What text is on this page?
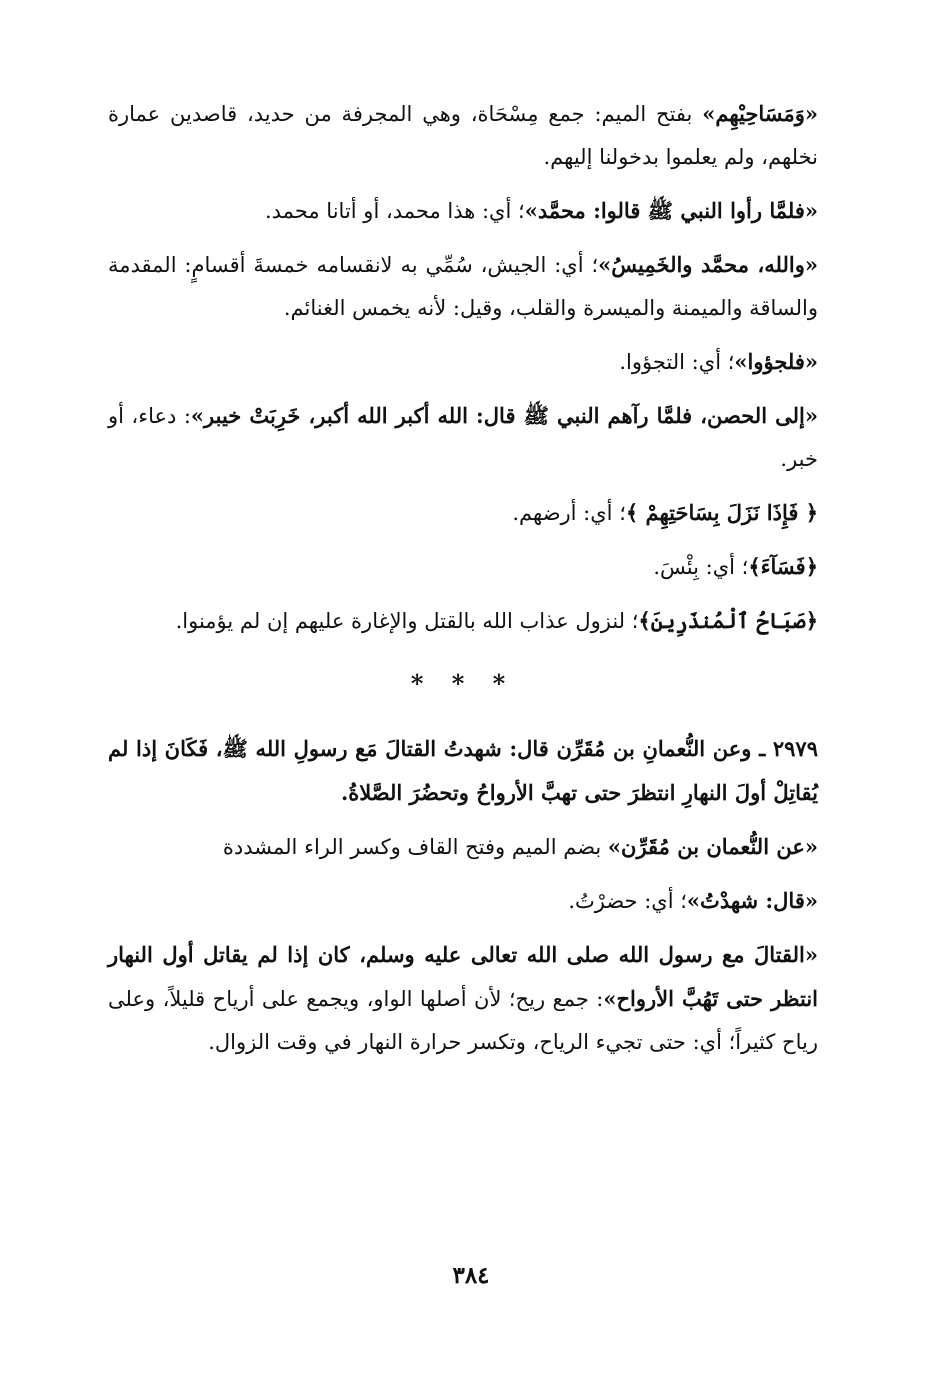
«وَمَسَاحِيْهِم» بفتح الميم: جمع مِسْحَاة، وهي المجرفة من حديد، قاصدين عمارة نخلهم، ولم يعلموا بدخولنا إليهم.

«فلمَّا رأوا النبي ﷺ قالوا: محمَّد»؛ أي: هذا محمد، أو أتانا محمد.

«والله، محمَّد والخَمِيسُ»؛ أي: الجيش، سُمِّي به لانقسامه خمسةَ أقسامٍ: المقدمة والساقة والميمنة والميسرة والقلب، وقيل: لأنه يخمس الغنائم.

«فلجؤوا»؛ أي: التجؤوا.

«إلى الحصن، فلمَّا رآهم النبي ﷺ قال: الله أكبر الله أكبر، خَرِبَتْ خيبر»: دعاء، أو خبر.

﴿ فَإِذَا نَزَلَ بِسَاحَتِهِمْ ﴾؛ أي: أرضهم.

﴿فَسَآءَ﴾؛ أي: بِئْسَ.

﴿صَبَاحُ ٱلْمُنذَرِينَ﴾؛ لنزول عذاب الله بالقتل والإغارة عليهم إن لم يؤمنوا.

* * *

٢٩٧٩ ـ وعن النُّعمانِ بن مُقَرِّن قال: شهدتُ القتالَ مَع رسولِ الله ﷺ، فَكَانَ إذا لم يُقاتِلْ أولَ النهارِ انتظرَ حتى تهبَّ الأرواحُ وتحضُرَ الصَّلاةُ.

«عن النُّعمان بن مُقَرِّن» بضم الميم وفتح القاف وكسر الراء المشددة

«قال: شهدْتُ»؛ أي: حضرْتُ.

«القتالَ مع رسول الله صلى الله تعالى عليه وسلم، كان إذا لم يقاتل أول النهار انتظر حتى تَهُبَّ الأرواح»: جمع ريح؛ لأن أصلها الواو، ويجمع على أرياح قليلاً، وعلى رياح كثيراً؛ أي: حتى تجيء الرياح، وتكسر حرارة النهار في وقت الزوال.

٣٨٤
